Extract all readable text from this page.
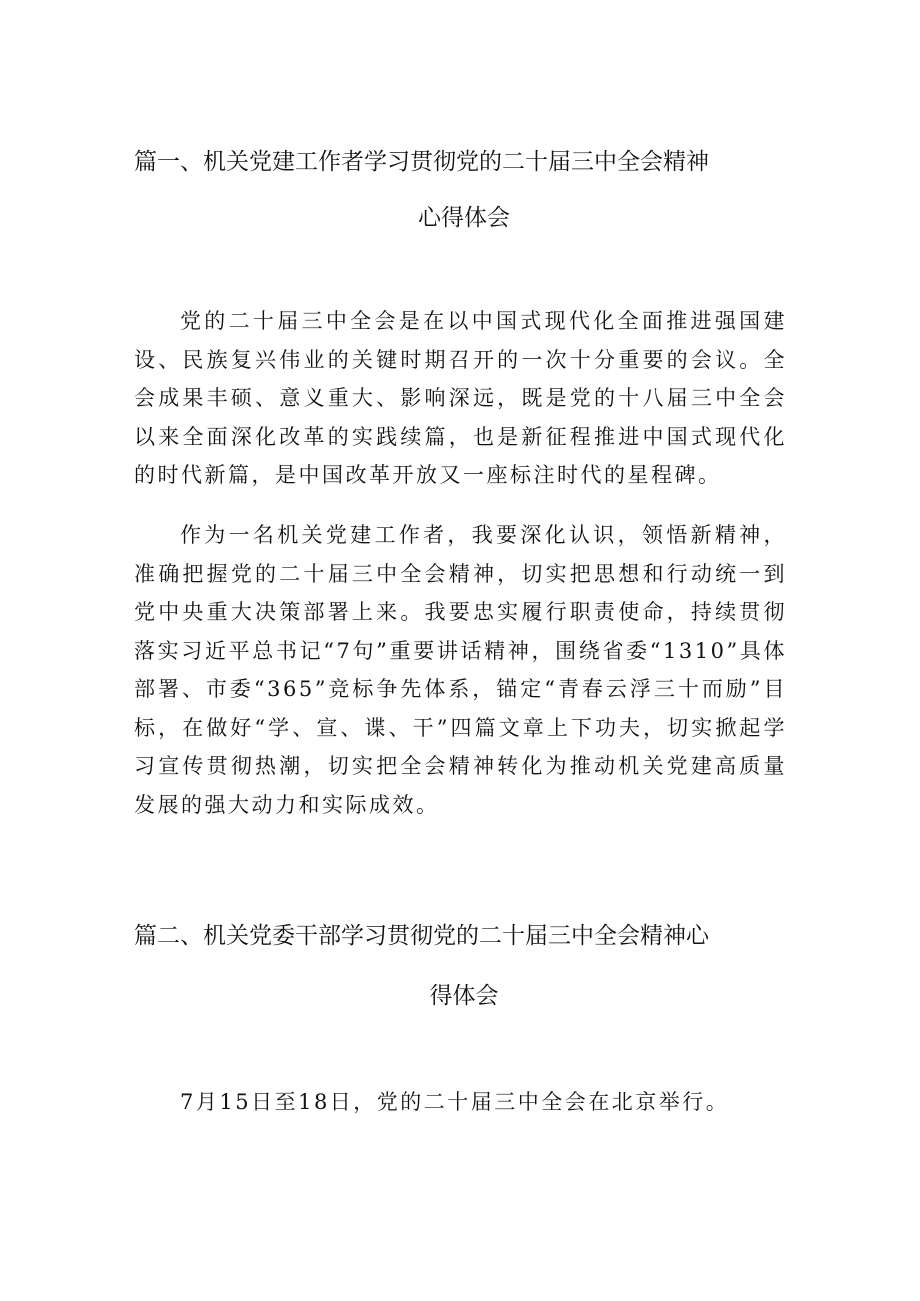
篇一、机关党建工作者学习贯彻党的二十届三中全会精神
心得体会

党的二十届三中全会是在以中国式现代化全面推进强国建设、民族复兴伟业的关键时期召开的一次十分重要的会议。全会成果丰硕、意义重大、影响深远，既是党的十八届三中全会以来全面深化改革的实践续篇，也是新征程推进中国式现代化的时代新篇，是中国改革开放又一座标注时代的星程碑。

作为一名机关党建工作者，我要深化认识，领悟新精神，准确把握党的二十届三中全会精神，切实把思想和行动统一到党中央重大决策部署上来。我要忠实履行职责使命，持续贯彻落实习近平总书记“7句”重要讲话精神，围绕省委“1310”具体部署、市委“365”竞标争先体系，锚定“青春云浮三十而励”目标，在做好“学、宣、谍、干”四篇文章上下功夫，切实掀起学习宣传贯彻热潮，切实把全会精神转化为推动机关党建高质量发展的强大动力和实际成效。

篇二、机关党委干部学习贯彻党的二十届三中全会精神心
得体会

7月15日至18日，党的二十届三中全会在北京举行。
